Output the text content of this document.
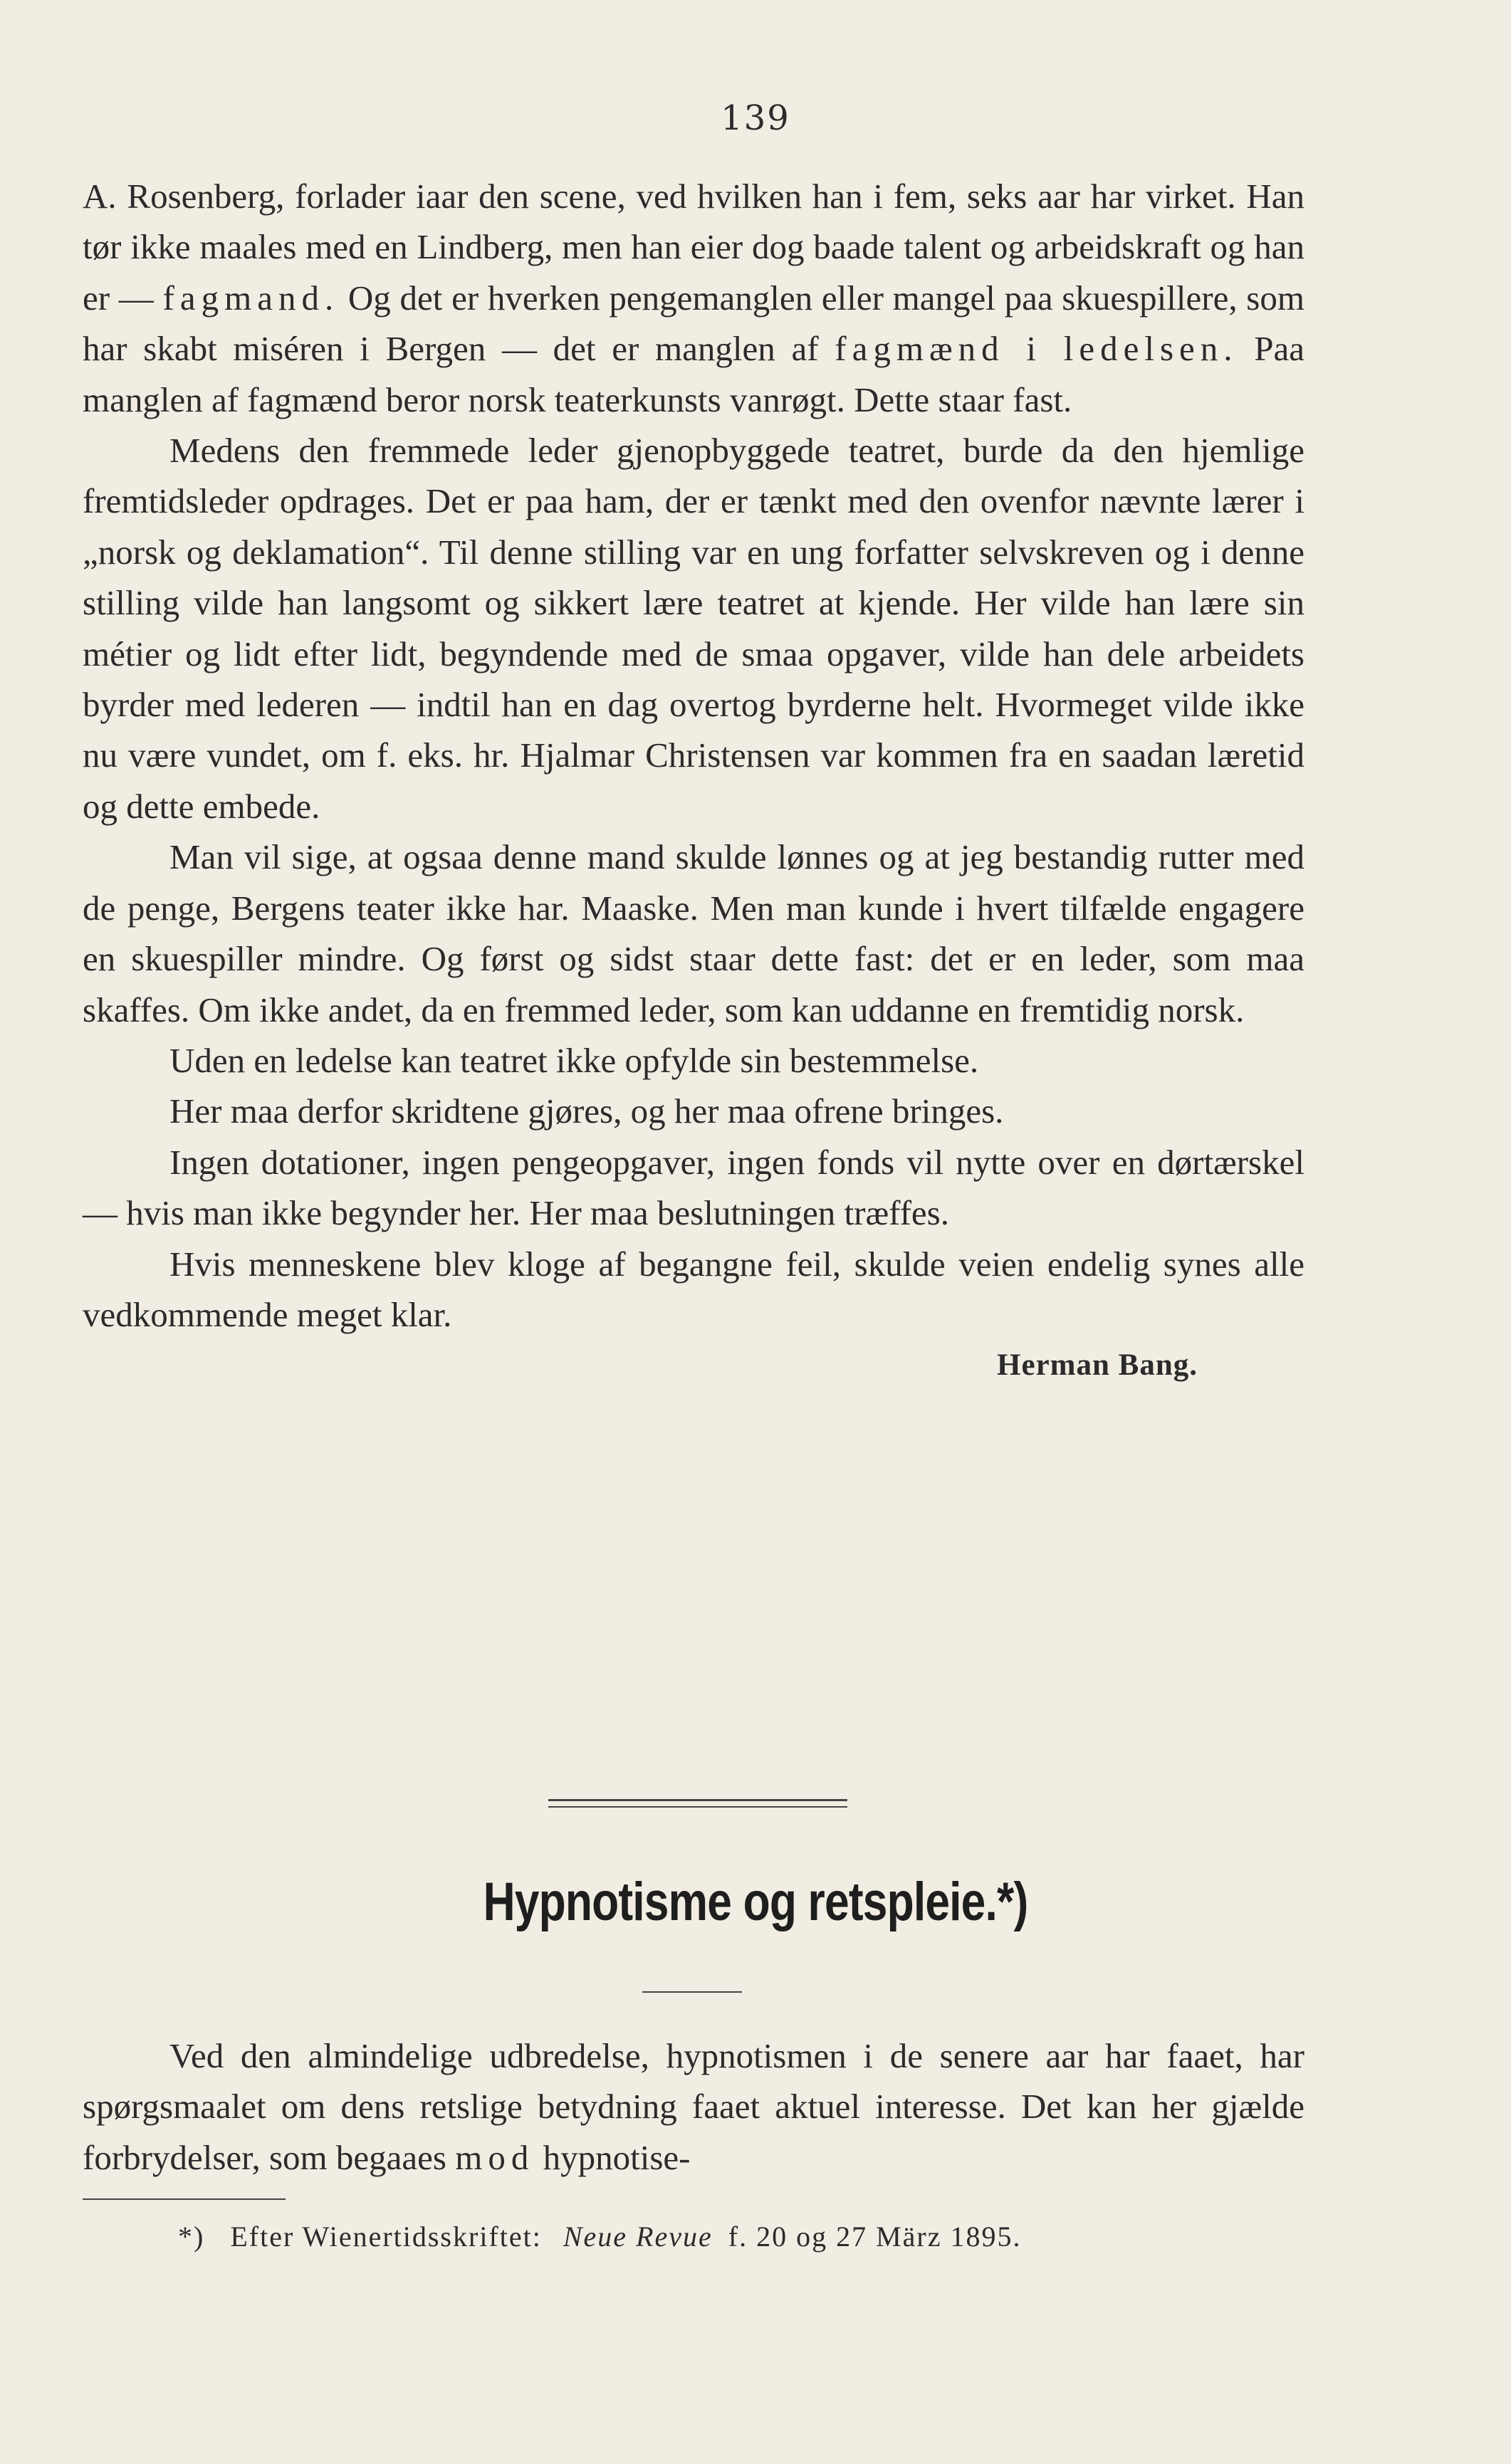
139

A. Rosenberg, forlader iaar den scene, ved hvilken han i fem, seks aar har virket. Han tør ikke maales med en Lindberg, men han eier dog baade talent og arbeidskraft og han er — fagmand. Og det er hverken pengemanglen eller mangel paa skuespillere, som har skabt miséren i Bergen — det er manglen af fagmænd i ledelsen. Paa manglen af fagmænd beror norsk teaterkunsts vanrøgt. Dette staar fast.

Medens den fremmede leder gjenopbyggede teatret, burde da den hjemlige fremtidsleder opdrages. Det er paa ham, der er tænkt med den ovenfor nævnte lærer i „norsk og deklamation“. Til denne stilling var en ung forfatter selvskreven og i denne stilling vilde han langsomt og sikkert lære teatret at kjende. Her vilde han lære sin métier og lidt efter lidt, begyndende med de smaa opgaver, vilde han dele arbeidets byrder med lederen — indtil han en dag overtog byrderne helt. Hvormeget vilde ikke nu være vundet, om f. eks. hr. Hjalmar Christensen var kommen fra en saadan læretid og dette embede.

Man vil sige, at ogsaa denne mand skulde lønnes og at jeg bestandig rutter med de penge, Bergens teater ikke har. Maaske. Men man kunde i hvert tilfælde engagere en skuespiller mindre. Og først og sidst staar dette fast: det er en leder, som maa skaffes. Om ikke andet, da en fremmed leder, som kan uddanne en fremtidig norsk.

Uden en ledelse kan teatret ikke opfylde sin bestemmelse.

Her maa derfor skridtene gjøres, og her maa ofrene bringes.

Ingen dotationer, ingen pengeopgaver, ingen fonds vil nytte over en dørtærskel — hvis man ikke begynder her. Her maa beslutningen træffes.

Hvis menneskene blev kloge af begangne feil, skulde veien endelig synes alle vedkommende meget klar.

Herman Bang.

Hypnotisme og retspleie.*)

Ved den almindelige udbredelse, hypnotismen i de senere aar har faaet, har spørgsmaalet om dens retslige betydning faaet aktuel interesse. Det kan her gjælde forbrydelser, som begaaes mod hypnotise-

*) Efter Wienertidsskriftet: Neue Revue f. 20 og 27 März 1895.
